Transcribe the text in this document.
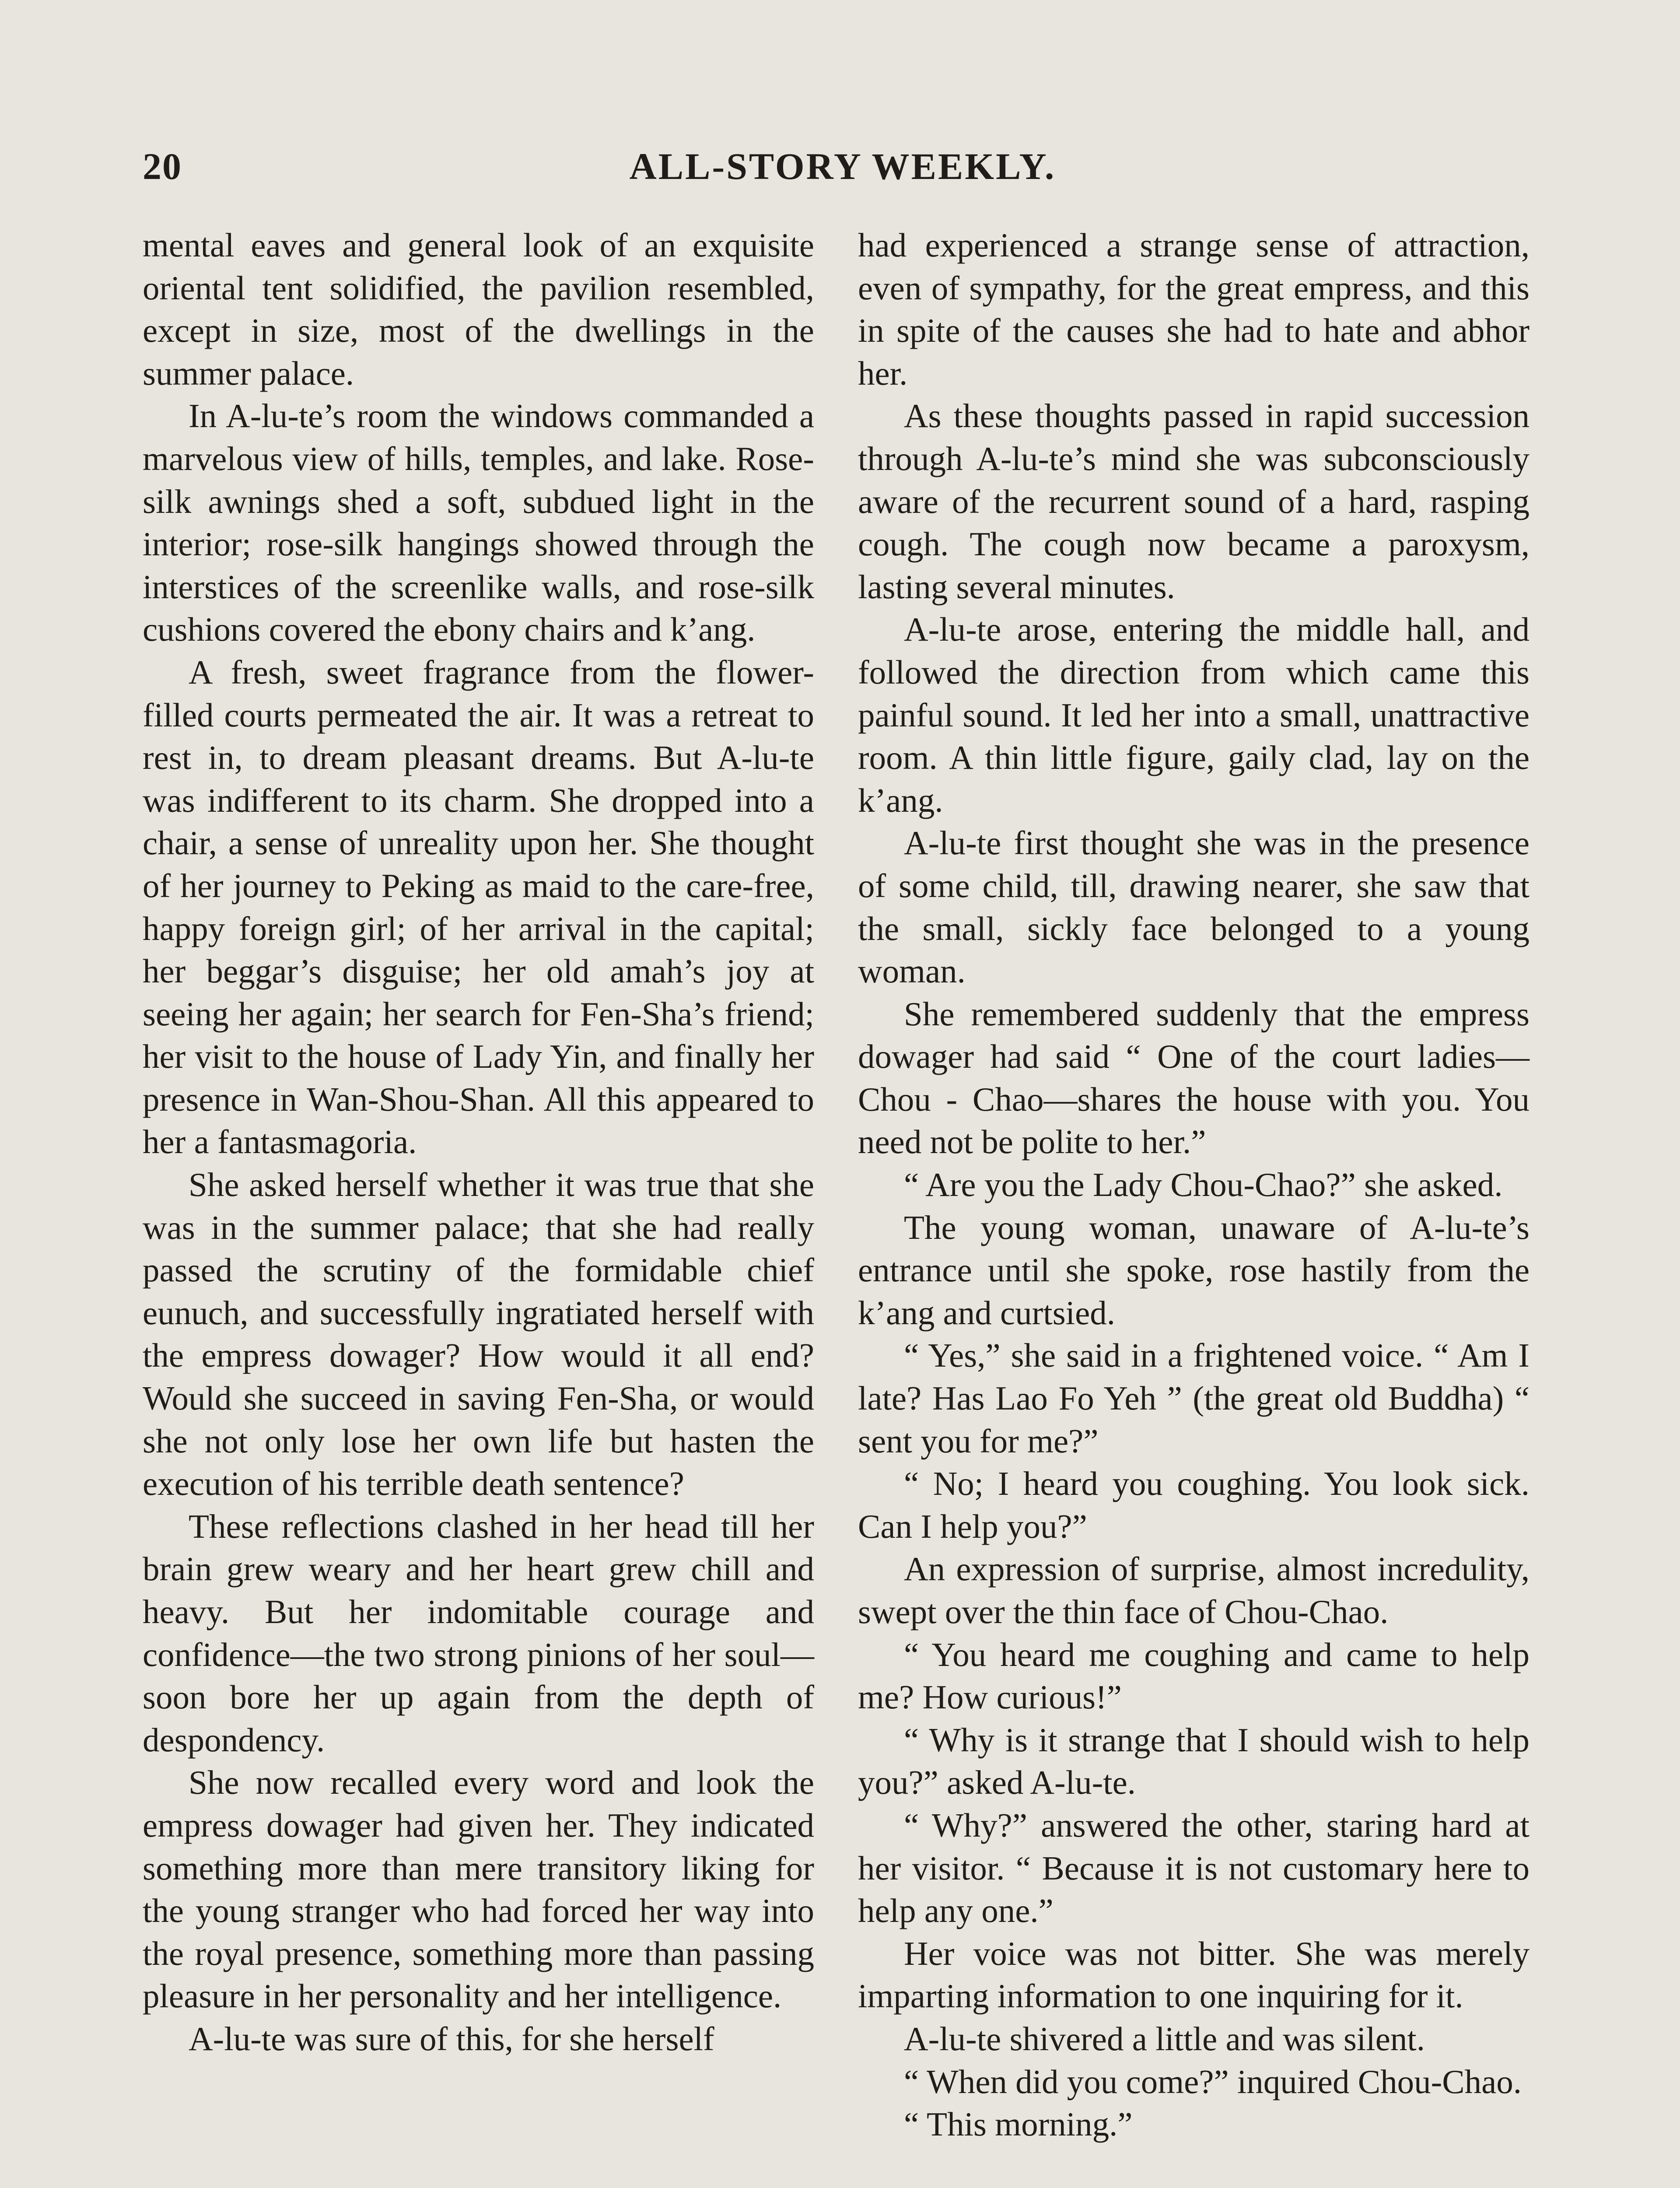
20	ALL-STORY WEEKLY.

mental eaves and general look of an exquisite oriental tent solidified, the pavilion resembled, except in size, most of the dwellings in the summer palace.

In A-lu-te’s room the windows commanded a marvelous view of hills, temples, and lake. Rose-silk awnings shed a soft, subdued light in the interior; rose-silk hangings showed through the interstices of the screenlike walls, and rose-silk cushions covered the ebony chairs and k’ang.

A fresh, sweet fragrance from the flower-filled courts permeated the air. It was a retreat to rest in, to dream pleasant dreams. But A-lu-te was indifferent to its charm. She dropped into a chair, a sense of unreality upon her. She thought of her journey to Peking as maid to the care-free, happy foreign girl; of her arrival in the capital; her beggar’s disguise; her old amah’s joy at seeing her again; her search for Fen-Sha’s friend; her visit to the house of Lady Yin, and finally her presence in Wan-Shou-Shan. All this appeared to her a fantasmagoria.

She asked herself whether it was true that she was in the summer palace; that she had really passed the scrutiny of the formidable chief eunuch, and successfully ingratiated herself with the empress dowager? How would it all end? Would she succeed in saving Fen-Sha, or would she not only lose her own life but hasten the execution of his terrible death sentence?

These reflections clashed in her head till her brain grew weary and her heart grew chill and heavy. But her indomitable courage and confidence—the two strong pinions of her soul—soon bore her up again from the depth of despondency.

She now recalled every word and look the empress dowager had given her. They indicated something more than mere transitory liking for the young stranger who had forced her way into the royal presence, something more than passing pleasure in her personality and her intelligence.

A-lu-te was sure of this, for she herself

had experienced a strange sense of attraction, even of sympathy, for the great empress, and this in spite of the causes she had to hate and abhor her.

As these thoughts passed in rapid succession through A-lu-te’s mind she was subconsciously aware of the recurrent sound of a hard, rasping cough. The cough now became a paroxysm, lasting several minutes.

A-lu-te arose, entering the middle hall, and followed the direction from which came this painful sound. It led her into a small, unattractive room. A thin little figure, gaily clad, lay on the k’ang.

A-lu-te first thought she was in the presence of some child, till, drawing nearer, she saw that the small, sickly face belonged to a young woman.

She remembered suddenly that the empress dowager had said “ One of the court ladies—Chou - Chao—shares the house with you. You need not be polite to her.”

“ Are you the Lady Chou-Chao?” she asked.

The young woman, unaware of A-lu-te’s entrance until she spoke, rose hastily from the k’ang and curtsied.

“ Yes,” she said in a frightened voice. “ Am I late? Has Lao Fo Yeh ” (the great old Buddha) “ sent you for me?”

“ No; I heard you coughing. You look sick. Can I help you?”

An expression of surprise, almost incredulity, swept over the thin face of Chou-Chao.

“ You heard me coughing and came to help me? How curious!”

“ Why is it strange that I should wish to help you?” asked A-lu-te.

“ Why?” answered the other, staring hard at her visitor. “ Because it is not customary here to help any one.”

Her voice was not bitter. She was merely imparting information to one inquiring for it.

A-lu-te shivered a little and was silent.

“ When did you come?” inquired Chou-Chao.

“ This morning.”
